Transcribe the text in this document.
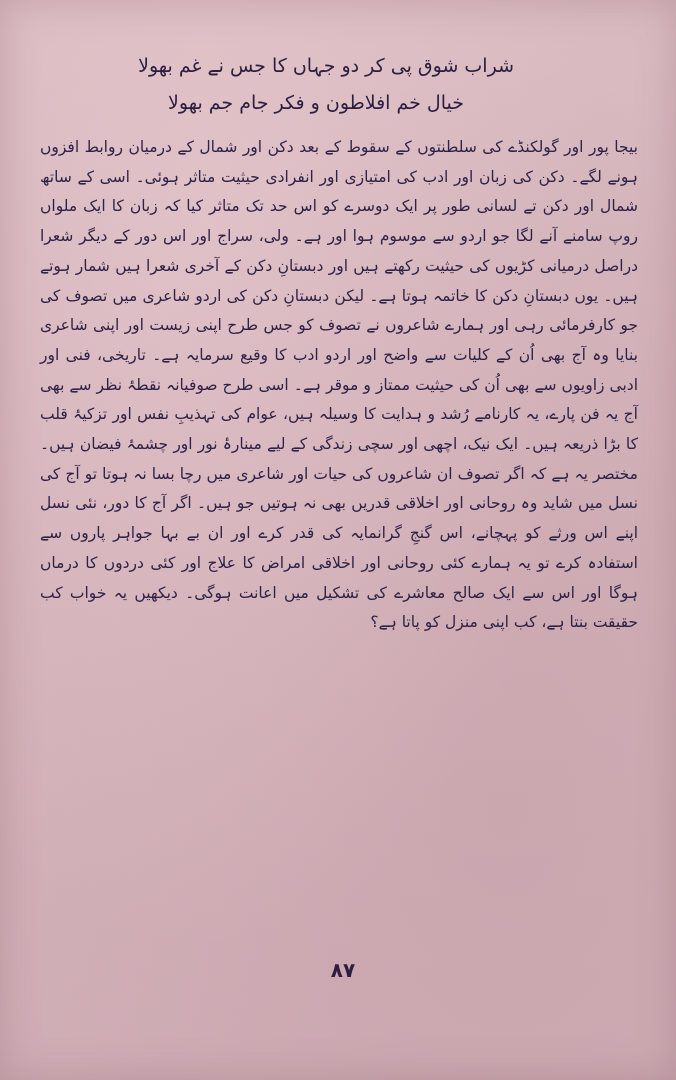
شراب شوق پی کر دو جہاں کا جس نے غم بھولا
خیال خم افلاطون و فکر جام جم بھولا

بیجا پور اور گولکنڈے کی سلطنتوں کے سقوط کے بعد دکن اور شمال کے درمیان روابط افزوں ہونے لگے۔ دکن کی زبان اور ادب کی امتیازی اور انفرادی حیثیت متاثر ہوئی۔ اسی کے ساتھ شمال اور دکن تے لسانی طور پر ایک دوسرے کو اس حد تک متاثر کیا کہ زبان کا ایک ملواں روپ سامنے آنے لگا جو اردو سے موسوم ہوا اور ہے۔ ولی، سراج اور اس دور کے دیگر شعرا دراصل درمیانی کڑیوں کی حیثیت رکھتے ہیں اور دبستانِ دکن کے آخری شعرا ہیں شمار ہوتے ہیں۔ یوں دبستانِ دکن کا خاتمہ ہوتا ہے۔ لیکن دبستانِ دکن کی اردو شاعری میں تصوف کی جو کارفرمائی رہی اور ہمارے شاعروں نے تصوف کو جس طرح اپنی زیست اور اپنی شاعری بنایا وہ آج بھی اُن کے کلیات سے واضح اور اردو ادب کا وقیع سرمایہ ہے۔ تاریخی، فنی اور ادبی زاویوں سے بھی اُن کی حیثیت ممتاز و موقر ہے۔ اسی طرح صوفیانہ نقطۂ نظر سے بھی آج یہ فن پارے، یہ کارنامے رُشد و ہدایت کا وسیلہ ہیں، عوام کی تہذیبِ نفس اور تزکیۂ قلب کا بڑا ذریعہ ہیں۔ ایک نیک، اچھی اور سچی زندگی کے لیے مینارۂ نور اور چشمۂ فیضان ہیں۔ مختصر یہ ہے کہ اگر تصوف ان شاعروں کی حیات اور شاعری میں رچا بسا نہ ہوتا تو آج کی نسل میں شاید وہ روحانی اور اخلاقی قدریں بھی نہ ہوتیں جو ہیں۔ اگر آج کا دور، نئی نسل اپنے اس ورثے کو پہچانے، اس گنجِ گرانمایہ کی قدر کرے اور ان بے بہا جواہر پاروں سے استفادہ کرے تو یہ ہمارے کئی روحانی اور اخلاقی امراض کا علاج اور کئی دردوں کا درماں ہوگا اور اس سے ایک صالح معاشرے کی تشکیل میں اعانت ہوگی۔ دیکھیں یہ خواب کب حقیقت بنتا ہے، کب اپنی منزل کو پاتا ہے؟

۸۷
